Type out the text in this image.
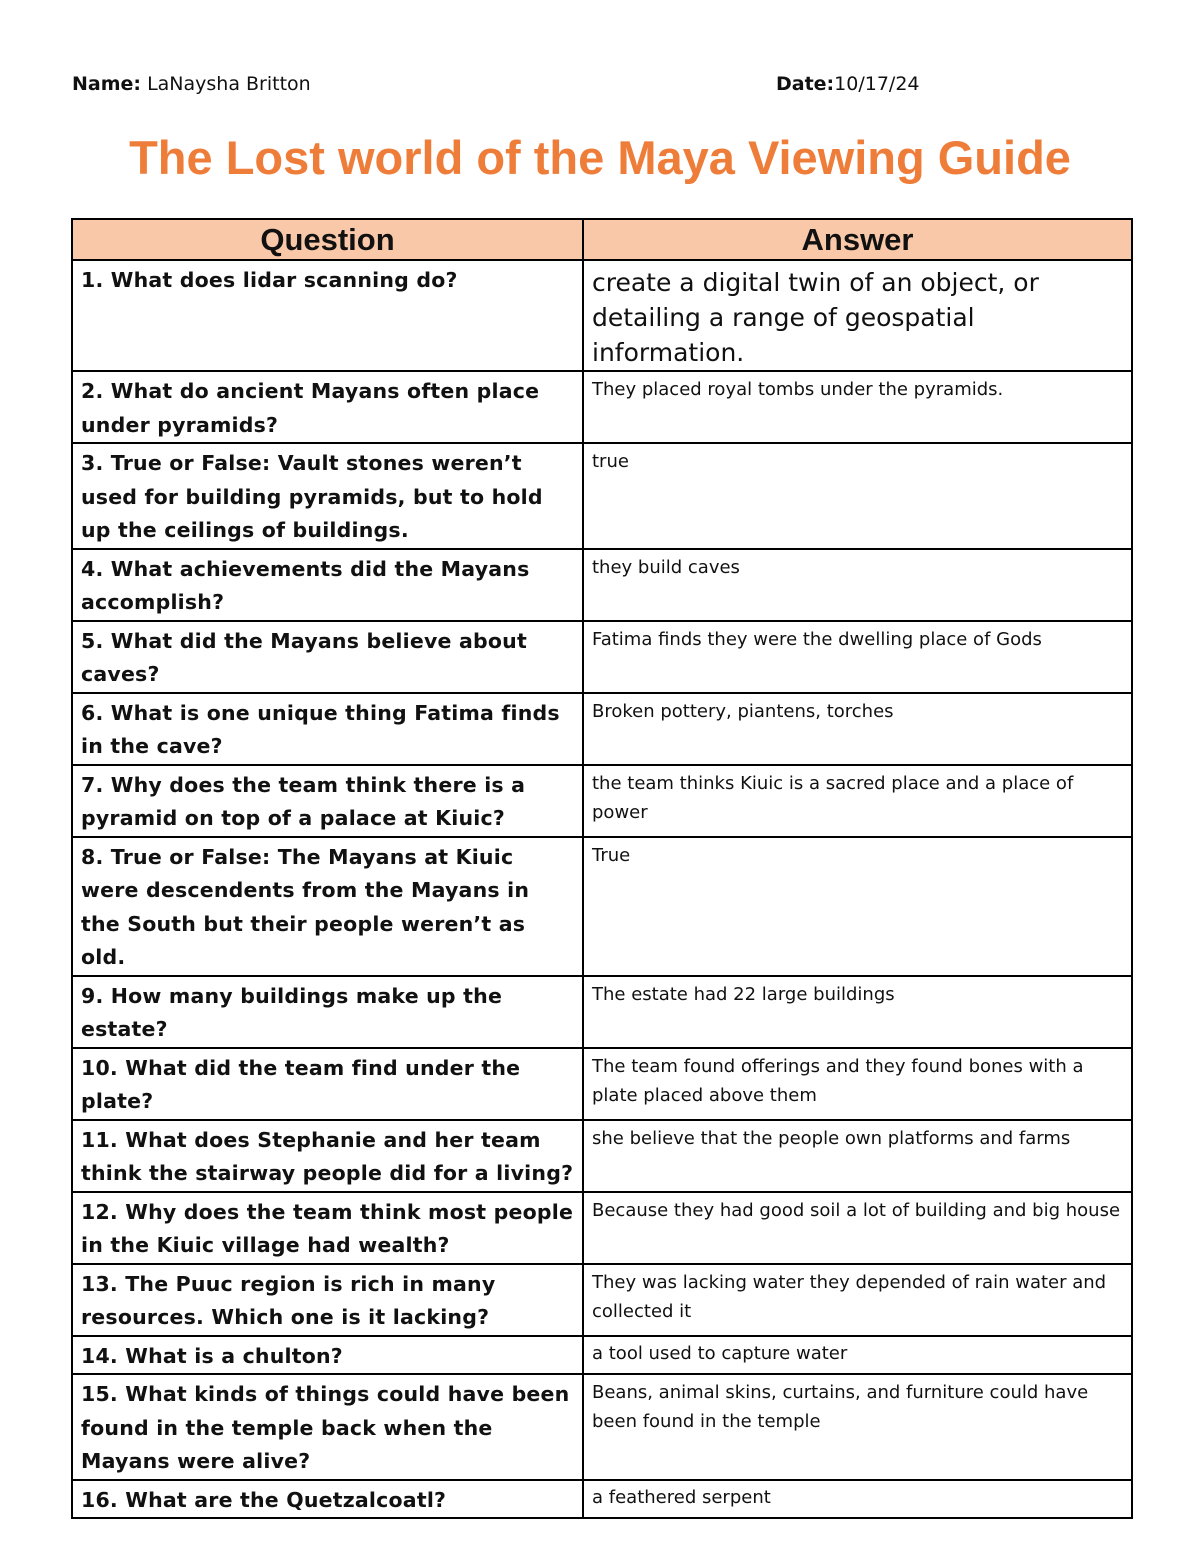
Name: LaNaysha Britton	Date:10/17/24
The Lost world of the Maya Viewing Guide
Question	Answer
1. What does lidar scanning do?	create a digital twin of an object, or detailing a range of geospatial information.
2. What do ancient Mayans often place under pyramids?	They placed royal tombs under the pyramids.
3. True or False: Vault stones weren’t used for building pyramids, but to hold up the ceilings of buildings.	true
4. What achievements did the Mayans accomplish?	they build caves
5. What did the Mayans believe about caves?	Fatima finds they were the dwelling place of Gods
6. What is one unique thing Fatima finds in the cave?	Broken pottery, piantens, torches
7. Why does the team think there is a pyramid on top of a palace at Kiuic?	the team thinks Kiuic is a sacred place and a place of power
8. True or False: The Mayans at Kiuic were descendents from the Mayans in the South but their people weren’t as old.	True
9. How many buildings make up the estate?	The estate had 22 large buildings
10. What did the team find under the plate?	The team found offerings and they found bones with a plate placed above them
11. What does Stephanie and her team think the stairway people did for a living?	she believe that the people own platforms and farms
12. Why does the team think most people in the Kiuic village had wealth?	Because they had good soil a lot of building and big house
13. The Puuc region is rich in many resources. Which one is it lacking?	They was lacking water they depended of rain water and collected it
14. What is a chulton?	a tool used to capture water
15. What kinds of things could have been found in the temple back when the Mayans were alive?	Beans, animal skins, curtains, and furniture could have been found in the temple
16. What are the Quetzalcoatl?	a feathered serpent
